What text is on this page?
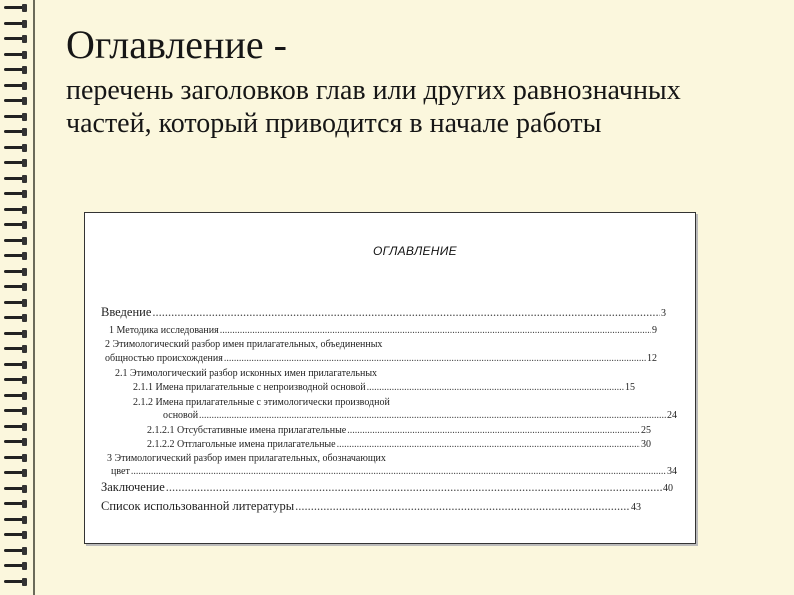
Оглавление -
перечень заголовков глав или других равнозначных частей, который приводится в начале работы
ОГЛАВЛЕНИЕ
Введение .....	3
1 Методика исследования .....	9
2 Этимологический разбор имен прилагательных, объединенных
общностью происхождения .....	12
2.1 Этимологический разбор исконных имен прилагательных
2.1.1 Имена прилагательные с непроизводной основой .....	15
2.1.2 Имена прилагательные с этимологически производной
основой .....	24
2.1.2.1 Отсубстативные имена прилагательные .....	25
2.1.2.2 Отглагольные имена прилагательные .....	30
3 Этимологический разбор имен прилагательных, обозначающих
цвет .....	34
Заключение .....	40
Список использованной литературы .....	43
